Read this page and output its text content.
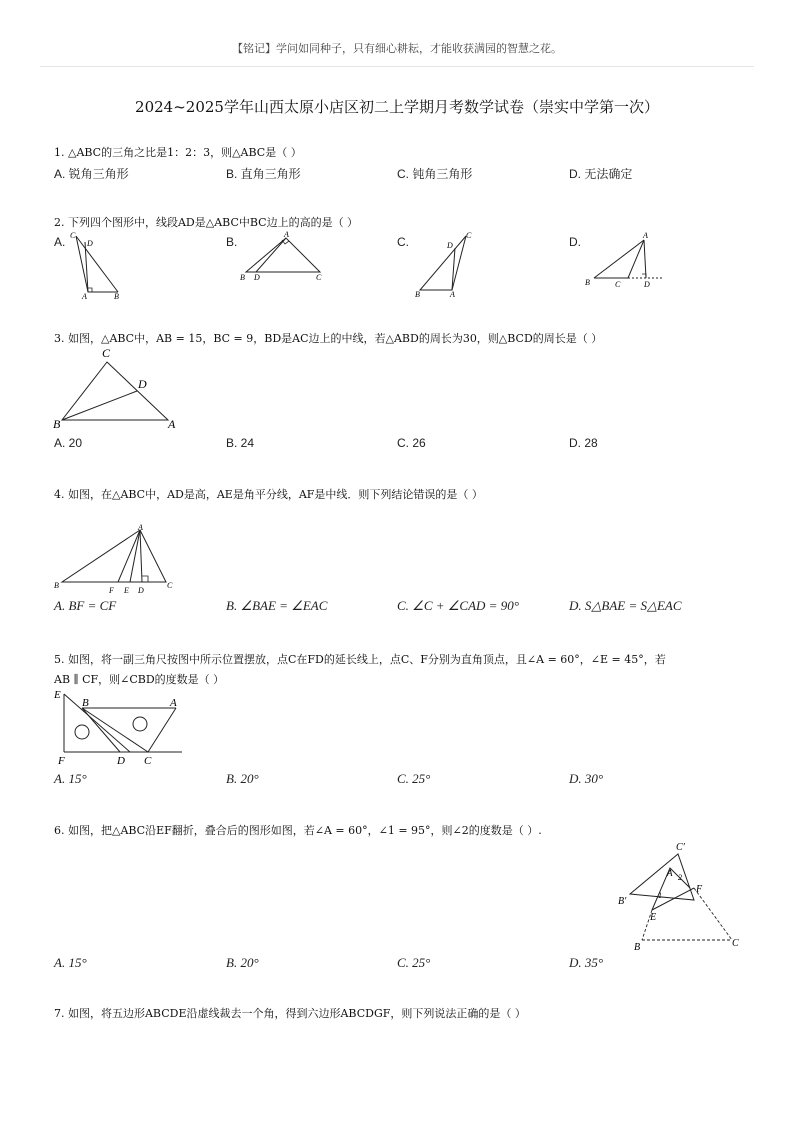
【铭记】学问如同种子，只有细心耕耘，才能收获满园的智慧之花。
2024~2025学年山西太原小店区初二上学期月考数学试卷（崇实中学第一次）
1. △ABC的三角之比是1：2：3，则△ABC是（ ）
A. 锐角三角形	B. 直角三角形	C. 钝角三角形	D. 无法确定
2. 下列四个图形中，线段AD是△ABC中BC边上的高的是（ ）
A.	B.	C.	D.
C
D
A	B
A
B D	C
C
D
B	A
A
B	C	D
3. 如图，△ABC中，AB = 15，BC = 9，BD是AC边上的中线，若△ABD的周长为30，则△BCD的周长是（ ）
C
D
B	A
A. 20	B. 24	C. 26	D. 28
4. 如图，在△ABC中，AD是高，AE是角平分线，AF是中线．则下列结论错误的是（ ）
A
B
F E D
C
A. BF = CF	B. ∠BAE = ∠EAC	C. ∠C + ∠CAD = 90°	D. S△BAE = S△EAC
5. 如图，将一副三角尺按图中所示位置摆放，点C在FD的延长线上，点C、F分别为直角顶点，且∠A = 60°，∠E = 45°，若
AB ∥ CF，则∠CBD的度数是（ ）
E
B	A
F	D C
A. 15°	B. 20°	C. 25°	D. 30°
6. 如图，把△ABC沿EF翻折，叠合后的图形如图，若∠A = 60°，∠1 = 95°，则∠2的度数是（ ）.
C′
A 2
1
F
B′
E
B	C
A. 15°	B. 20°	C. 25°	D. 35°
7. 如图，将五边形ABCDE沿虚线裁去一个角，得到六边形ABCDGF，则下列说法正确的是（ ）
